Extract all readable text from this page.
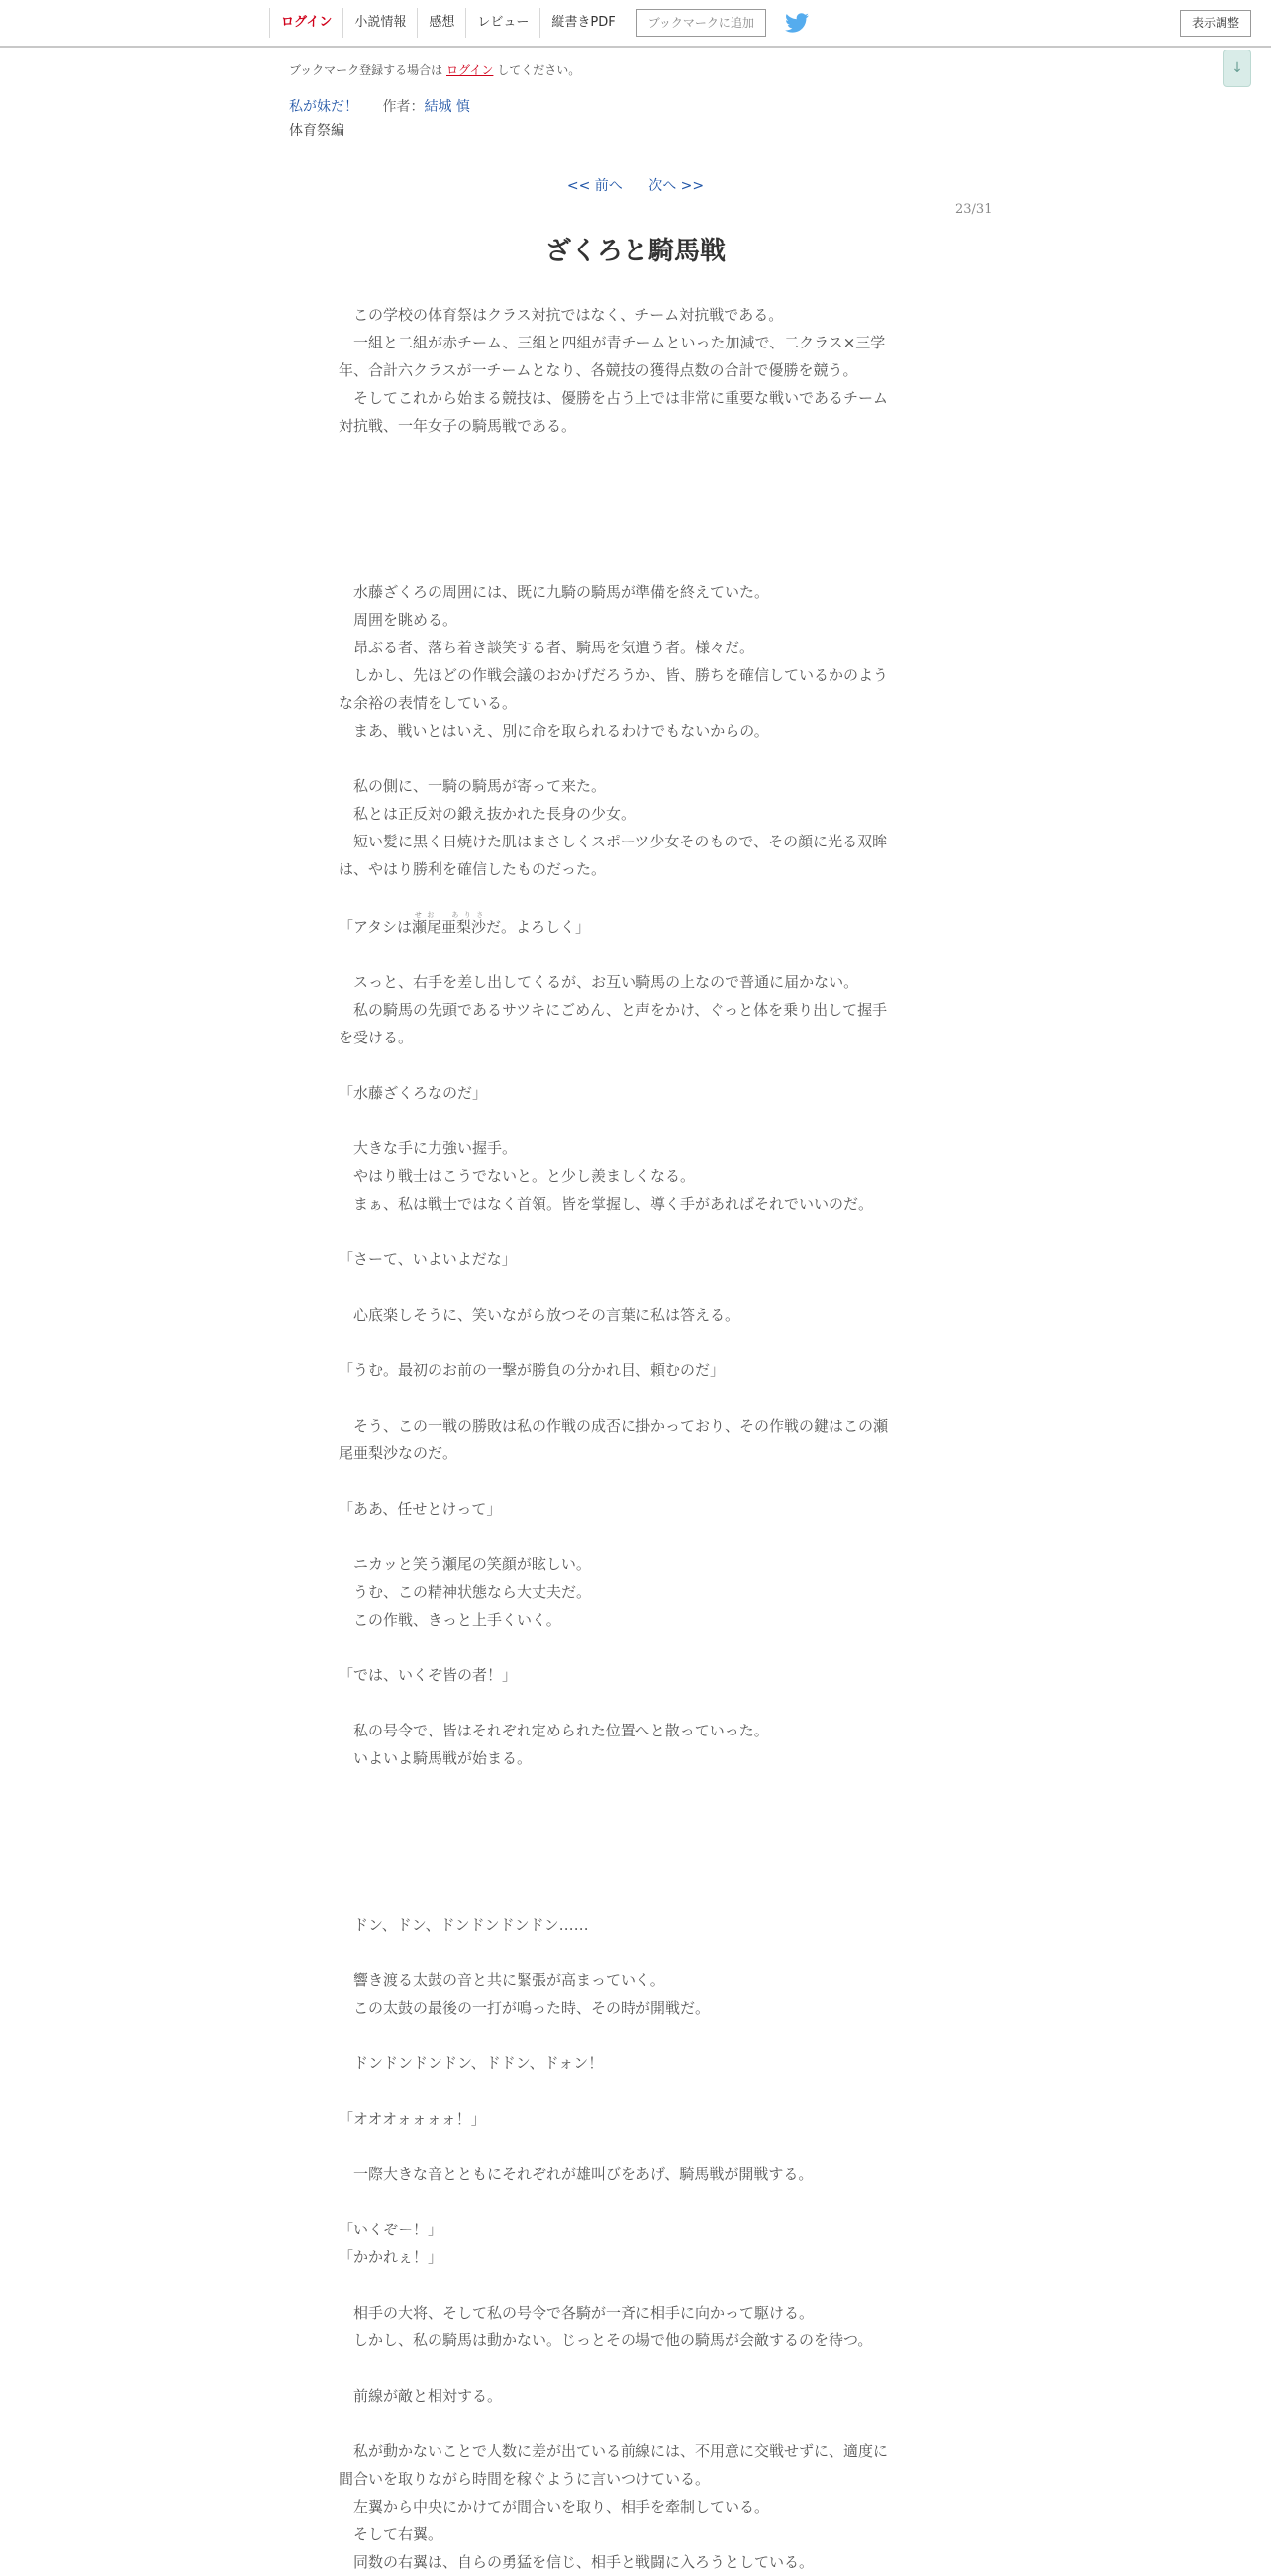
ログイン	小説情報	感想	レビュー	縦書きPDF	ブックマークに追加	表示調整
↓
ブックマーク登録する場合は ログイン してください。
私が妹だ！ 作者：結城 慎
体育祭編
<< 前へ 次へ >>
23/31
ざくろと騎馬戦

　この学校の体育祭はクラス対抗ではなく、チーム対抗戦である。

　一組と二組が赤チーム、三組と四組が青チームといった加減で、二クラス×三学

年、合計六クラスが一チームとなり、各競技の獲得点数の合計で優勝を競う。

　そしてこれから始まる競技は、優勝を占う上では非常に重要な戦いであるチーム

対抗戦、一年女子の騎馬戦である。

　水藤ざくろの周囲には、既に九騎の騎馬が準備を終えていた。

　周囲を眺める。

　昂ぶる者、落ち着き談笑する者、騎馬を気遣う者。様々だ。

　しかし、先ほどの作戦会議のおかげだろうか、皆、勝ちを確信しているかのよう

な余裕の表情をしている。

　まあ、戦いとはいえ、別に命を取られるわけでもないからの。

　私の側に、一騎の騎馬が寄って来た。

　私とは正反対の鍛え抜かれた長身の少女。

　短い髪に黒く日焼けた肌はまさしくスポーツ少女そのもので、その顔に光る双眸

は、やはり勝利を確信したものだった。

「アタシは瀬尾亜梨沙せお　ありさだ。よろしく」

　スっと、右手を差し出してくるが、お互い騎馬の上なので普通に届かない。

　私の騎馬の先頭であるサツキにごめん、と声をかけ、ぐっと体を乗り出して握手

を受ける。

「水藤ざくろなのだ」

　大きな手に力強い握手。

　やはり戦士はこうでないと。と少し羨ましくなる。

　まぁ、私は戦士ではなく首領。皆を掌握し、導く手があればそれでいいのだ。

「さーて、いよいよだな」

　心底楽しそうに、笑いながら放つその言葉に私は答える。

「うむ。最初のお前の一撃が勝負の分かれ目、頼むのだ」

　そう、この一戦の勝敗は私の作戦の成否に掛かっており、その作戦の鍵はこの瀬

尾亜梨沙なのだ。

「ああ、任せとけって」

　ニカッと笑う瀬尾の笑顔が眩しい。

　うむ、この精神状態なら大丈夫だ。

　この作戦、きっと上手くいく。

「では、いくぞ皆の者！」

　私の号令で、皆はそれぞれ定められた位置へと散っていった。

　いよいよ騎馬戦が始まる。

　ドン、ドン、ドンドンドンドン……

　響き渡る太鼓の音と共に緊張が高まっていく。

　この太鼓の最後の一打が鳴った時、その時が開戦だ。

　ドンドンドンドン、ドドン、ドォン！

「オオオォォォォ！」

　一際大きな音とともにそれぞれが雄叫びをあげ、騎馬戦が開戦する。

「いくぞー！」

「かかれぇ！」

　相手の大将、そして私の号令で各騎が一斉に相手に向かって駆ける。

　しかし、私の騎馬は動かない。じっとその場で他の騎馬が会敵するのを待つ。

　前線が敵と相対する。

　私が動かないことで人数に差が出ている前線には、不用意に交戦せずに、適度に

間合いを取りながら時間を稼ぐように言いつけている。

　左翼から中央にかけてが間合いを取り、相手を牽制している。

　そして右翼。

　同数の右翼は、自らの勇猛を信じ、相手と戦闘に入ろうとしている。
